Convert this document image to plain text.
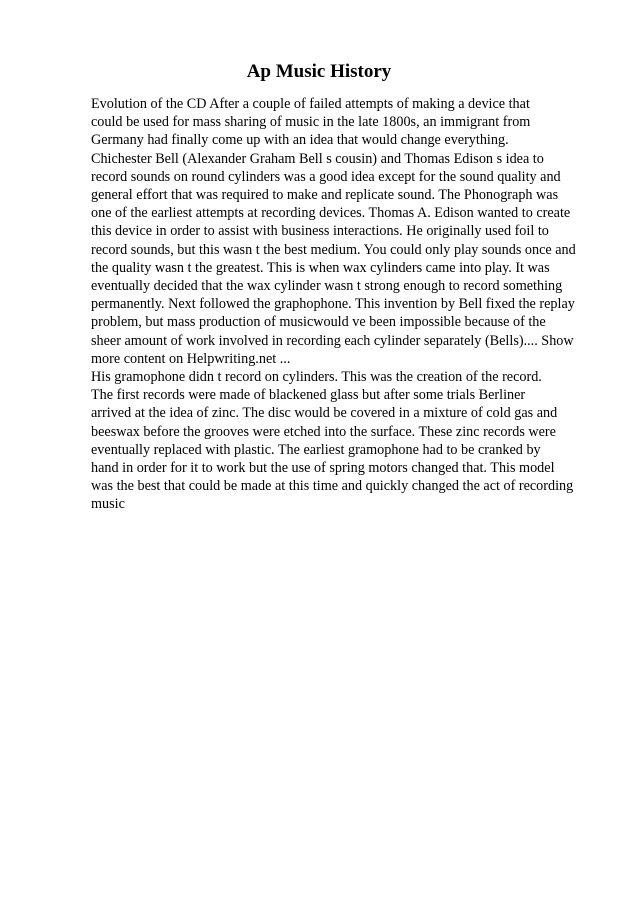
Ap Music History
Evolution of the CD After a couple of failed attempts of making a device that
could be used for mass sharing of music in the late 1800s, an immigrant from
Germany had finally come up with an idea that would change everything.
Chichester Bell (Alexander Graham Bell s cousin) and Thomas Edison s idea to
record sounds on round cylinders was a good idea except for the sound quality and
general effort that was required to make and replicate sound. The Phonograph was
one of the earliest attempts at recording devices. Thomas A. Edison wanted to create
this device in order to assist with business interactions. He originally used foil to
record sounds, but this wasn t the best medium. You could only play sounds once and
the quality wasn t the greatest. This is when wax cylinders came into play. It was
eventually decided that the wax cylinder wasn t strong enough to record something
permanently. Next followed the graphophone. This invention by Bell fixed the replay
problem, but mass production of musicwould ve been impossible because of the
sheer amount of work involved in recording each cylinder separately (Bells).... Show
more content on Helpwriting.net ...
His gramophone didn t record on cylinders. This was the creation of the record.
The first records were made of blackened glass but after some trials Berliner
arrived at the idea of zinc. The disc would be covered in a mixture of cold gas and
beeswax before the grooves were etched into the surface. These zinc records were
eventually replaced with plastic. The earliest gramophone had to be cranked by
hand in order for it to work but the use of spring motors changed that. This model
was the best that could be made at this time and quickly changed the act of recording
music
